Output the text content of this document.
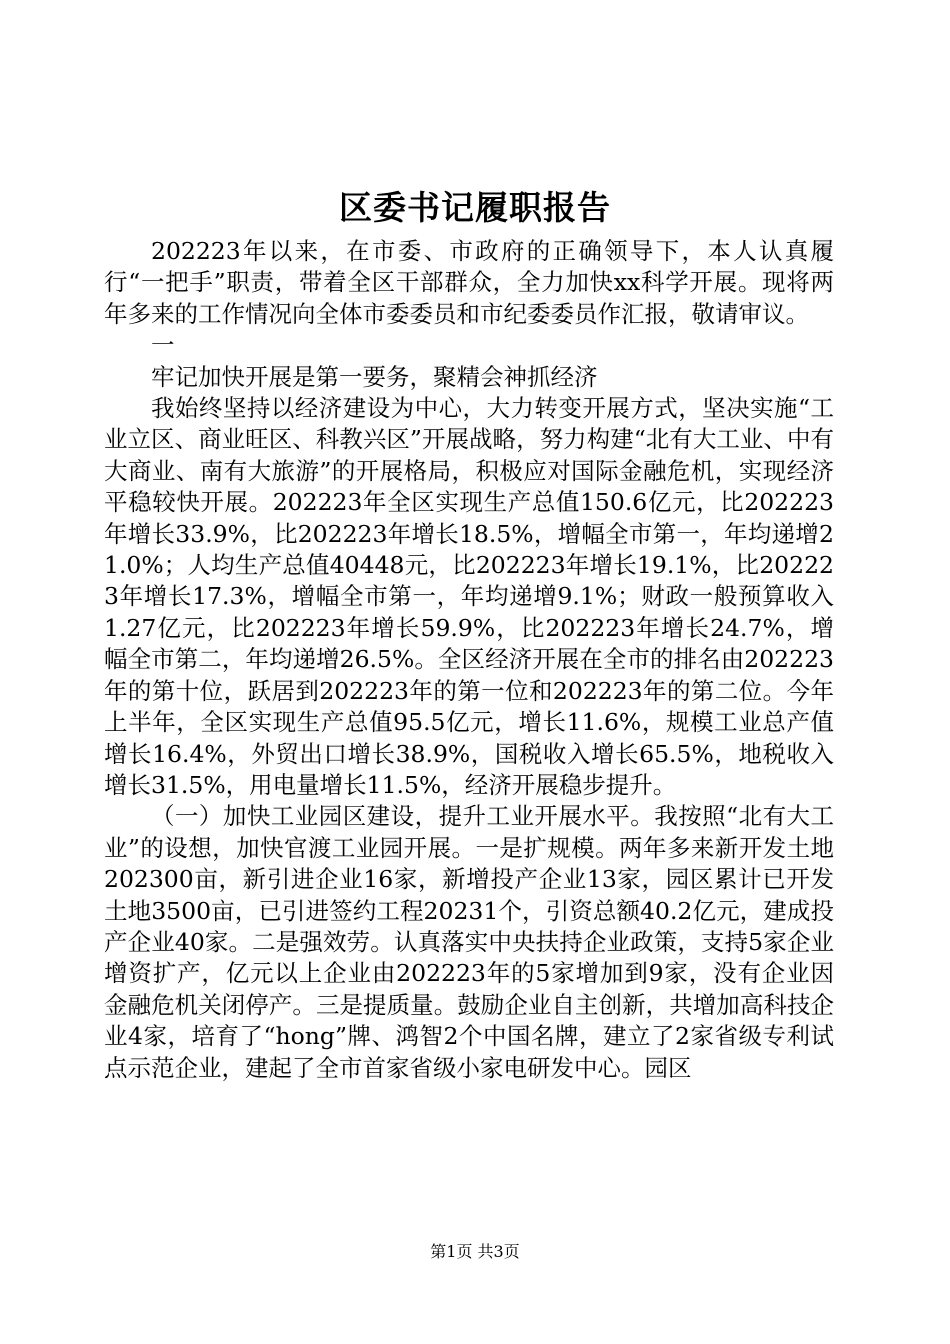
区委书记履职报告

202223年以来，在市委、市政府的正确领导下，本人认真履行“一把手”职责，带着全区干部群众，全力加快xx科学开展。现将两年多来的工作情况向全体市委委员和市纪委委员作汇报，敬请审议。

一

牢记加快开展是第一要务，聚精会神抓经济

我始终坚持以经济建设为中心，大力转变开展方式，坚决实施“工业立区、商业旺区、科教兴区”开展战略，努力构建“北有大工业、中有大商业、南有大旅游”的开展格局，积极应对国际金融危机，实现经济平稳较快开展。202223年全区实现生产总值150.6亿元，比202223年增长33.9%，比202223年增长18.5%，增幅全市第一，年均递增21.0%；人均生产总值40448元，比202223年增长19.1%，比202223年增长17.3%，增幅全市第一，年均递增9.1%；财政一般预算收入1.27亿元，比202223年增长59.9%，比202223年增长24.7%，增幅全市第二，年均递增26.5%。全区经济开展在全市的排名由202223年的第十位，跃居到202223年的第一位和202223年的第二位。今年上半年，全区实现生产总值95.5亿元，增长11.6%，规模工业总产值增长16.4%，外贸出口增长38.9%，国税收入增长65.5%，地税收入增长31.5%，用电量增长11.5%，经济开展稳步提升。

（一）加快工业园区建设，提升工业开展水平。我按照“北有大工业”的设想，加快官渡工业园开展。一是扩规模。两年多来新开发土地202300亩，新引进企业16家，新增投产企业13家，园区累计已开发土地3500亩，已引进签约工程20231个，引资总额40.2亿元，建成投产企业40家。二是强效劳。认真落实中央扶持企业政策，支持5家企业增资扩产，亿元以上企业由202223年的5家增加到9家，没有企业因金融危机关闭停产。三是提质量。鼓励企业自主创新，共增加高科技企业4家，培育了“hong”牌、鸿智2个中国名牌，建立了2家省级专利试点示范企业，建起了全市首家省级小家电研发中心。园区

第1页 共3页
